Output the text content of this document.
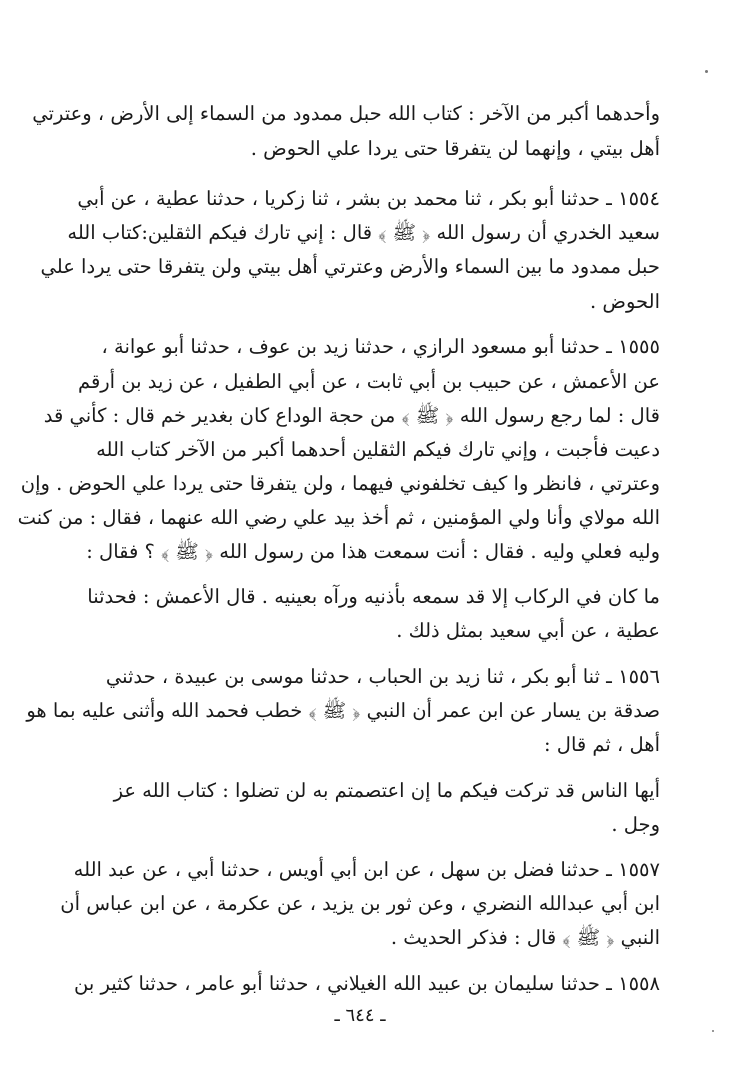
وأحدهما أكبر من الآخر : كتاب الله حبل ممدود من السماء إلى الأرض ، وعترتي

أهل بيتي ، وإنهما لن يتفرقا حتى يردا علي الحوض .

١٥٥٤ ـ حدثنا أبو بكر ، ثنا محمد بن بشر ، ثنا زكريا ، حدثنا عطية ، عن أبي

سعيد الخدري أن رسول الله ﴿ ﷺ ﴾ قال : إني تارك فيكم الثقلين:كتاب الله

حبل ممدود ما بين السماء والأرض وعترتي أهل بيتي ولن يتفرقا حتى يردا علي

الحوض .

١٥٥٥ ـ حدثنا أبو مسعود الرازي ، حدثنا زيد بن عوف ، حدثنا أبو عوانة ،

عن الأعمش ، عن حبيب بن أبي ثابت ، عن أبي الطفيل ، عن زيد بن أرقم

قال : لما رجع رسول الله ﴿ ﷺ ﴾ من حجة الوداع كان بغدير خم قال : كأني قد

دعيت فأجبت ، وإني تارك فيكم الثقلين أحدهما أكبر من الآخر كتاب الله

وعترتي ، فانظر وا كيف تخلفوني فيهما ، ولن يتفرقا حتى يردا علي الحوض . وإن

الله مولاي وأنا ولي المؤمنين ، ثم أخذ بيد علي رضي الله عنهما ، فقال : من كنت

وليه فعلي وليه . فقال : أنت سمعت هذا من رسول الله ﴿ ﷺ ﴾ ؟ فقال :

ما كان في الركاب إلا قد سمعه بأذنيه ورآه بعينيه . قال الأعمش : فحدثنا

عطية ، عن أبي سعيد بمثل ذلك .

١٥٥٦ ـ ثنا أبو بكر ، ثنا زيد بن الحباب ، حدثنا موسى بن عبيدة ، حدثني

صدقة بن يسار عن ابن عمر أن النبي ﴿ ﷺ ﴾ خطب فحمد الله وأثنى عليه بما هو

أهل ، ثم قال :

أيها الناس قد تركت فيكم ما إن اعتصمتم به لن تضلوا : كتاب الله عز

وجل .

١٥٥٧ ـ حدثنا فضل بن سهل ، عن ابن أبي أويس ، حدثنا أبي ، عن عبد الله

ابن أبي عبدالله النضري ، وعن ثور بن يزيد ، عن عكرمة ، عن ابن عباس أن

النبي ﴿ ﷺ ﴾ قال : فذكر الحديث .

١٥٥٨ ـ حدثنا سليمان بن عبيد الله الغيلاني ، حدثنا أبو عامر ، حدثنا كثير بن

ـ ٦٤٤ ـ
